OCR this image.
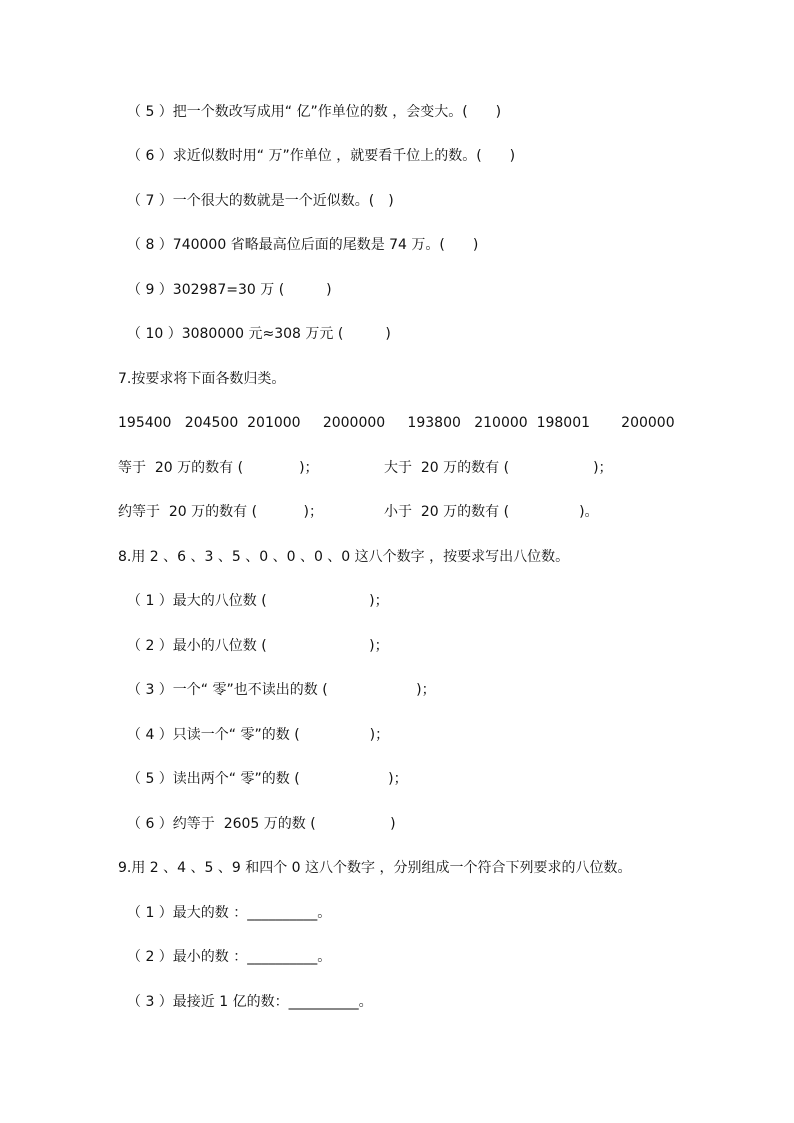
（ 5 ）把一个数改写成用“ 亿”作单位的数 ，会变大。(　　)
（ 6 ）求近似数时用“ 万”作单位 ，就要看千位上的数。(　　)
（ 7 ）一个很大的数就是一个近似数。(　)
（ 8 ）740000 省略最高位后面的尾数是 74 万。(　　)
（ 9 ）302987=30 万 (　　　)
（ 10 ）3080000 元≈308 万元 (　　　)
7.按要求将下面各数归类。
195400   204500  201000     2000000     193800   210000  198001       200000
等于  20 万的数有 (　　　　)；	大于  20 万的数有 (　　　　　　)；
约等于  20 万的数有 (　　　 )；	小于  20 万的数有 (　　　　　)。
8.用 2 、6 、3 、5 、0 、0 、0 、0 这八个数字 ，按要求写出八位数。
（ 1 ）最大的八位数 (　　　　　　　 )；
（ 2 ）最小的八位数 (　　　　　　　 )；
（ 3 ）一个“ 零”也不读出的数 (　　　　　　 )；
（ 4 ）只读一个“ 零”的数 (　　　　　)；
（ 5 ）读出两个“ 零”的数 (　　　　　　 )；
（ 6 ）约等于  2605 万的数 (　　　　　 )
9.用 2 、4 、5 、9 和四个 0 这八个数字 ，分别组成一个符合下列要求的八位数。
（ 1 ）最大的数 ：__________。
（ 2 ）最小的数 ：__________。
（ 3 ）最接近 1 亿的数：__________。
